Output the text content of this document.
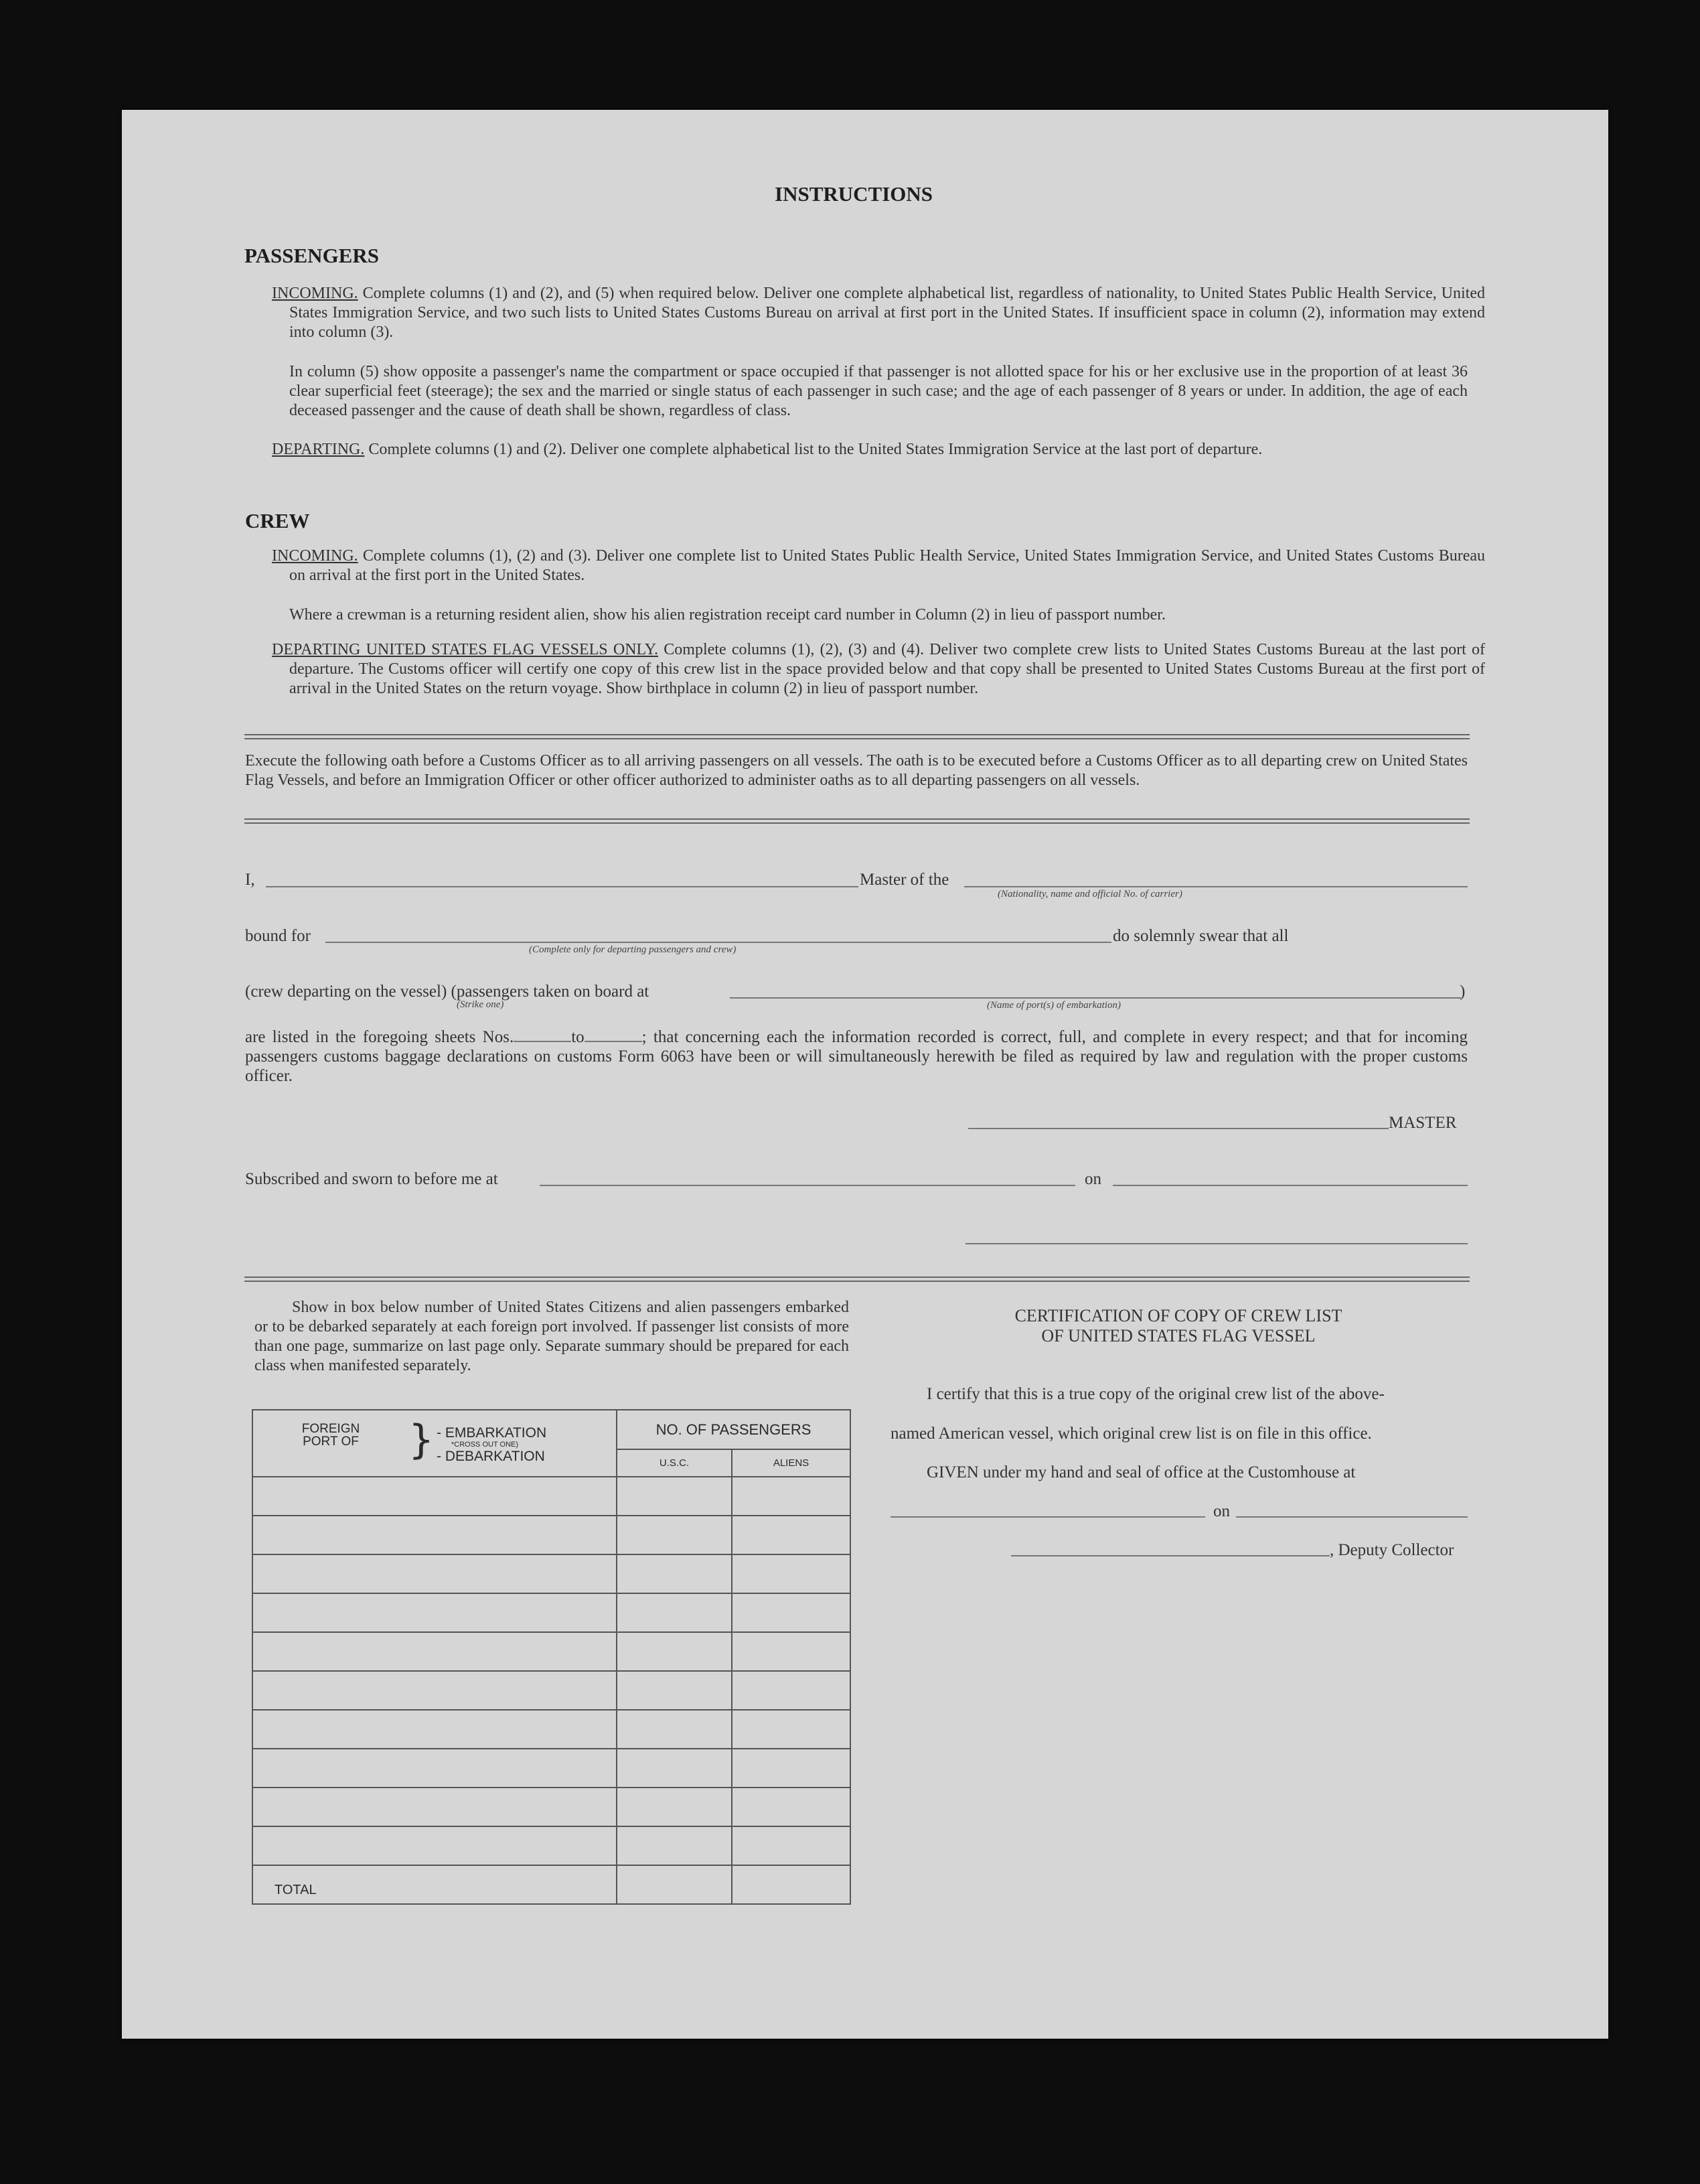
INSTRUCTIONS
PASSENGERS
INCOMING. Complete columns (1) and (2), and (5) when required below. Deliver one complete alphabetical list, regardless of nationality, to United States Public Health Service, United States Immigration Service, and two such lists to United States Customs Bureau on arrival at first port in the United States. If insufficient space in column (2), information may extend into column (3).
In column (5) show opposite a passenger's name the compartment or space occupied if that passenger is not allotted space for his or her exclusive use in the proportion of at least 36 clear superficial feet (steerage); the sex and the married or single status of each passenger in such case; and the age of each passenger of 8 years or under. In addition, the age of each deceased passenger and the cause of death shall be shown, regardless of class.
DEPARTING. Complete columns (1) and (2). Deliver one complete alphabetical list to the United States Immigration Service at the last port of departure.
CREW
INCOMING. Complete columns (1), (2) and (3). Deliver one complete list to United States Public Health Service, United States Immigration Service, and United States Customs Bureau on arrival at the first port in the United States.
Where a crewman is a returning resident alien, show his alien registration receipt card number in Column (2) in lieu of passport number.
DEPARTING UNITED STATES FLAG VESSELS ONLY. Complete columns (1), (2), (3) and (4). Deliver two complete crew lists to United States Customs Bureau at the last port of departure. The Customs officer will certify one copy of this crew list in the space provided below and that copy shall be presented to United States Customs Bureau at the first port of arrival in the United States on the return voyage. Show birthplace in column (2) in lieu of passport number.
Execute the following oath before a Customs Officer as to all arriving passengers on all vessels. The oath is to be executed before a Customs Officer as to all departing crew on United States Flag Vessels, and before an Immigration Officer or other officer authorized to administer oaths as to all departing passengers on all vessels.
I,	Master of the
(Nationality, name and official No. of carrier)
bound for
(Complete only for departing passengers and crew)
do solemnly swear that all
(crew departing on the vessel) (passengers taken on board at
(Strike one)	(Name of port(s) of embarkation)
)
are listed in the foregoing sheets Nos.	to	; that concerning each the information recorded is correct, full, and complete in every respect; and that for incoming passengers customs baggage declarations on customs Form 6063 have been or will simultaneously herewith be filed as required by law and regulation with the proper customs officer.
MASTER
Subscribed and sworn to before me at	on
Show in box below number of United States Citizens and alien passengers embarked or to be debarked separately at each foreign port involved. If passenger list consists of more than one page, summarize on last page only. Separate summary should be prepared for each class when manifested separately.
FOREIGN PORT OF } - EMBARKATION
*CROSS OUT ONE)
- DEBARKATION	NO. OF PASSENGERS	
	U.S.C.	ALIENS

TOTAL		
CERTIFICATION OF COPY OF CREW LIST
OF UNITED STATES FLAG VESSEL
I certify that this is a true copy of the original crew list of the above-
named American vessel, which original crew list is on file in this office.
GIVEN under my hand and seal of office at the Customhouse at
on
, Deputy Collector
